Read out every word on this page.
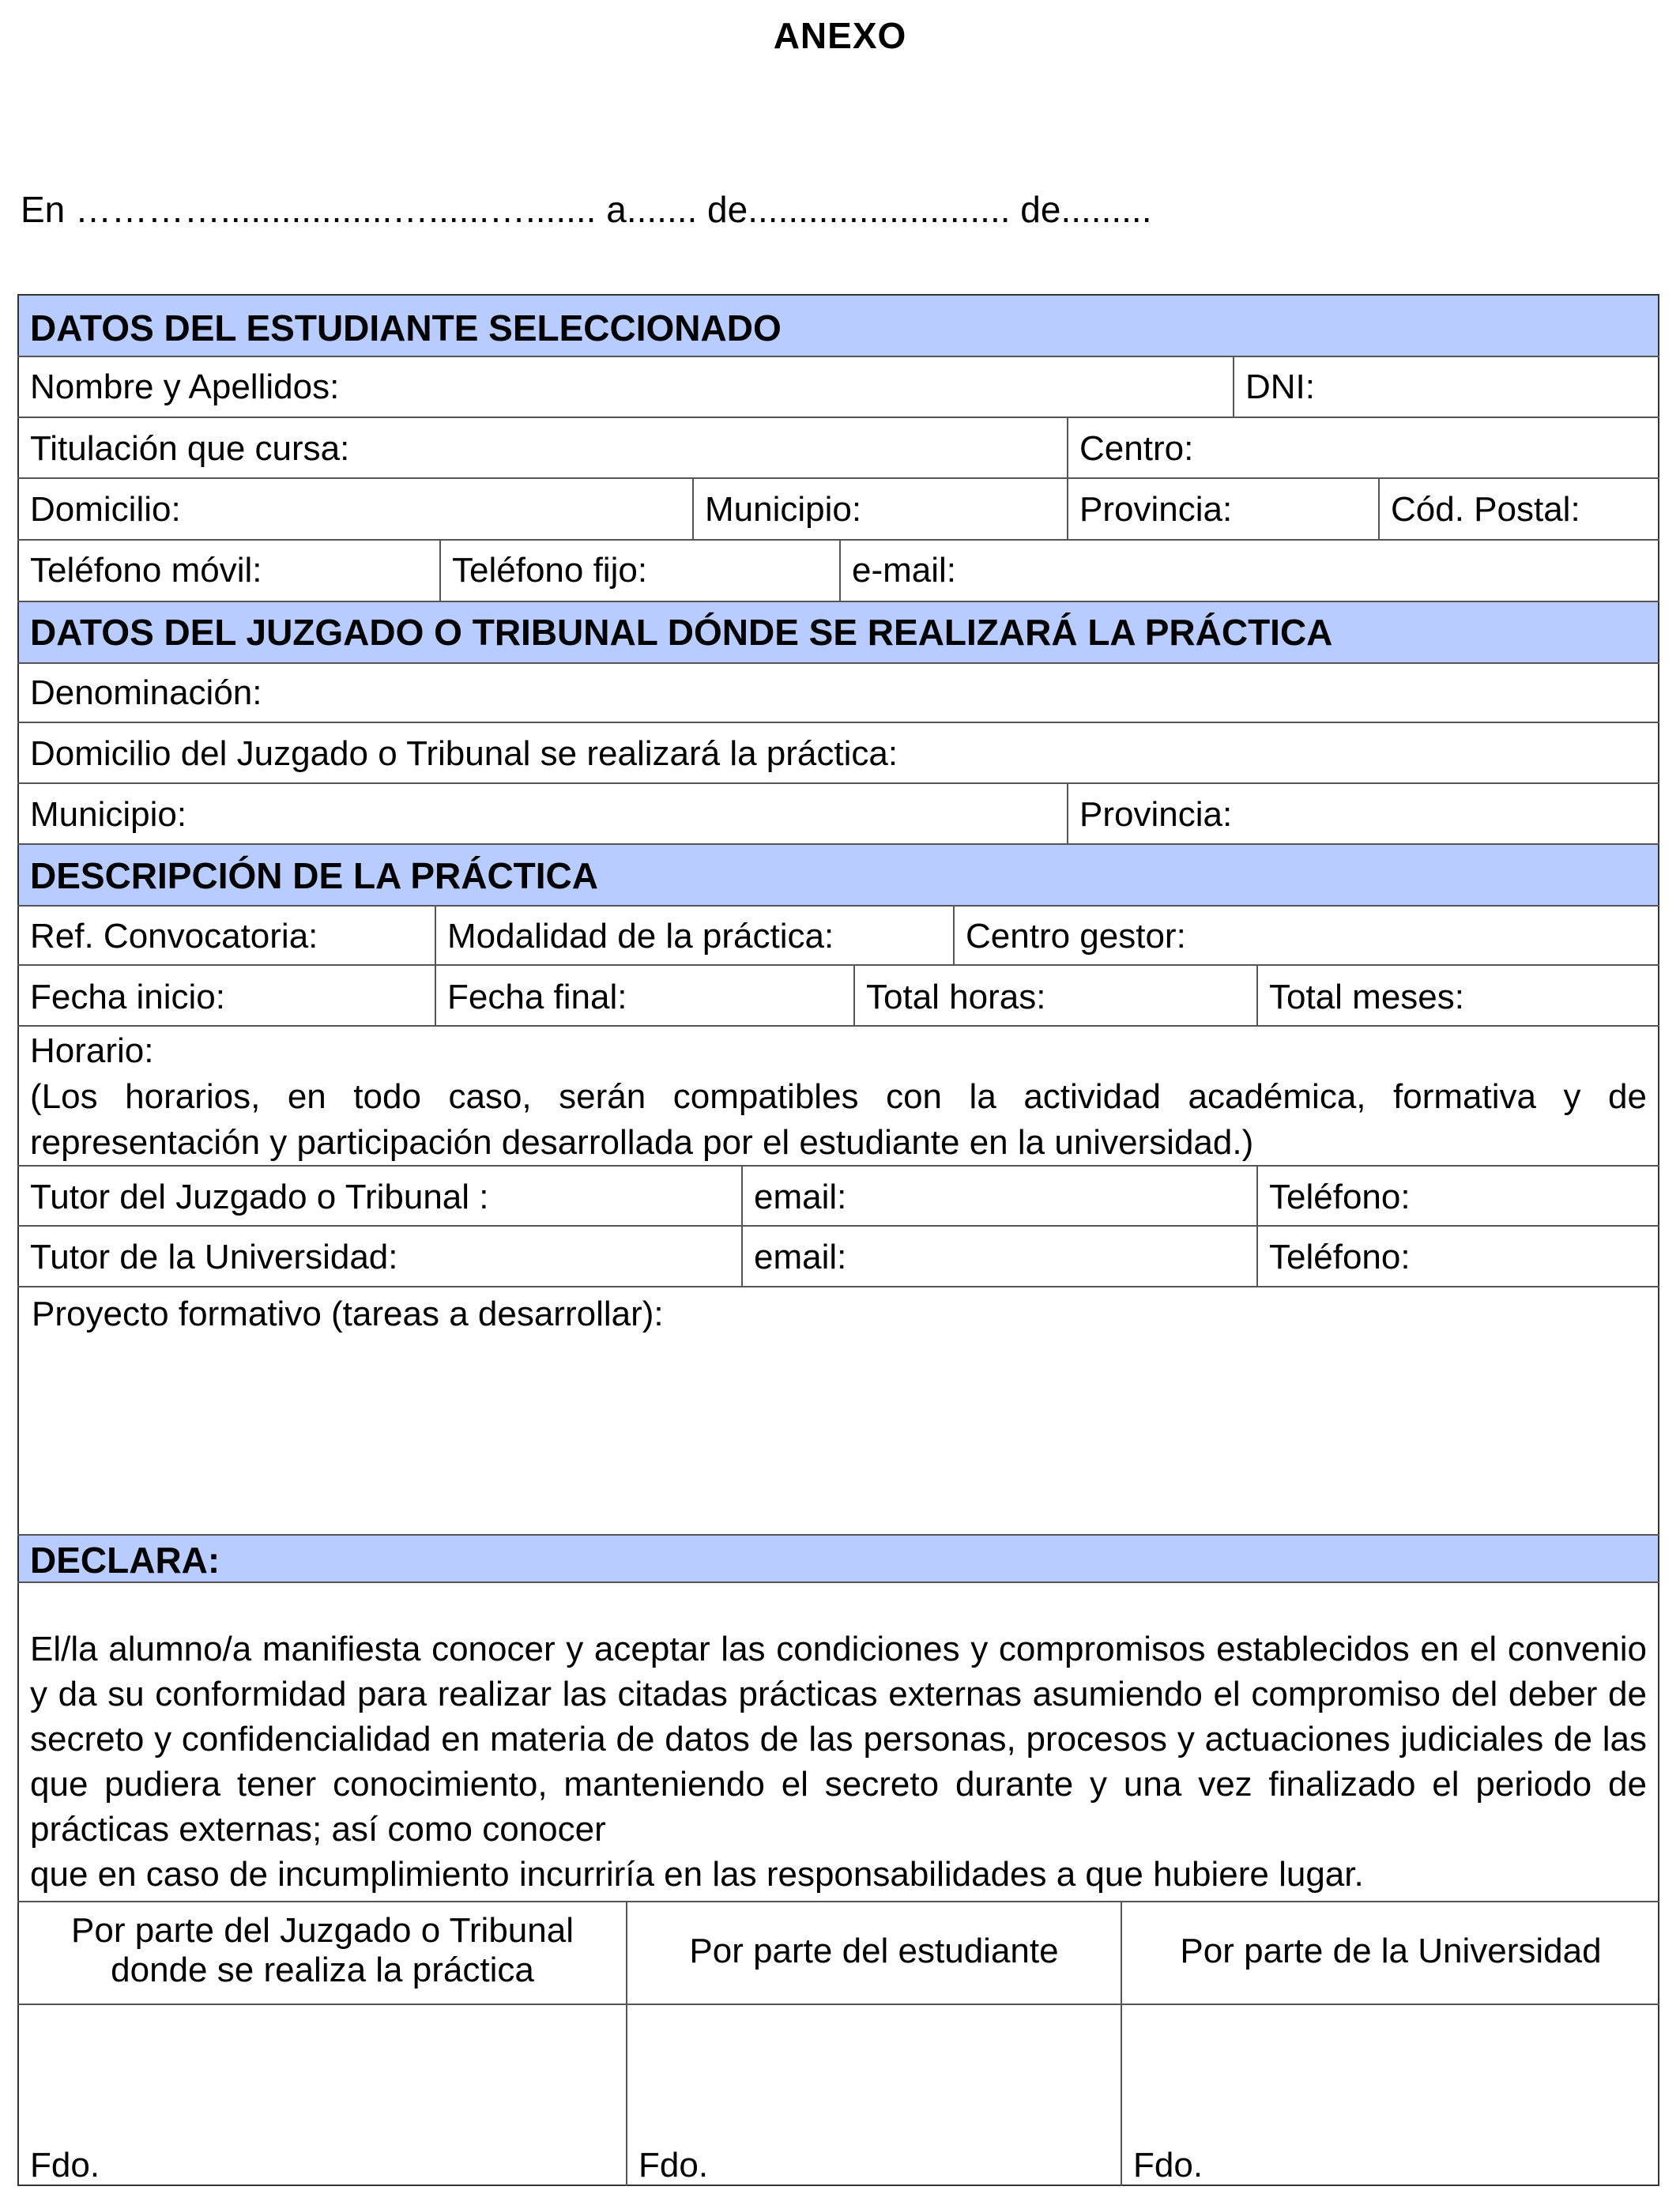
ANEXO
En ………….................…......…....... a....... de.......................... de.........
DATOS DEL ESTUDIANTE SELECCIONADO
Nombre y Apellidos:	DNI:
Titulación que cursa:	Centro:
Domicilio:	Municipio:	Provincia:	Cód. Postal:
Teléfono móvil:	Teléfono fijo:	e-mail:
DATOS DEL JUZGADO O TRIBUNAL DÓNDE SE REALIZARÁ LA PRÁCTICA
Denominación:
Domicilio del Juzgado o Tribunal se realizará la práctica:
Municipio:	Provincia:
DESCRIPCIÓN DE LA PRÁCTICA
Ref. Convocatoria:	Modalidad de la práctica:	Centro gestor:
Fecha inicio:	Fecha final:	Total horas:	Total meses:
Horario:
(Los horarios, en todo caso, serán compatibles con la actividad académica, formativa y de representación y participación desarrollada por el estudiante en la universidad.)
Tutor del Juzgado o Tribunal :	email:	Teléfono:
Tutor de la Universidad:	email:	Teléfono:
Proyecto formativo (tareas a desarrollar):
DECLARA:
El/la alumno/a manifiesta conocer y aceptar las condiciones y compromisos establecidos en el convenio y da su conformidad para realizar las citadas prácticas externas asumiendo el compromiso del deber de secreto y confidencialidad en materia de datos de las personas, procesos y actuaciones judiciales de las que pudiera tener conocimiento, manteniendo el secreto durante y una vez finalizado el periodo de prácticas externas; así como conocer
que en caso de incumplimiento incurriría en las responsabilidades a que hubiere lugar.
Por parte del Juzgado o Tribunal
donde se realiza la práctica	Por parte del estudiante	Por parte de la Universidad
Fdo.	Fdo.	Fdo.
